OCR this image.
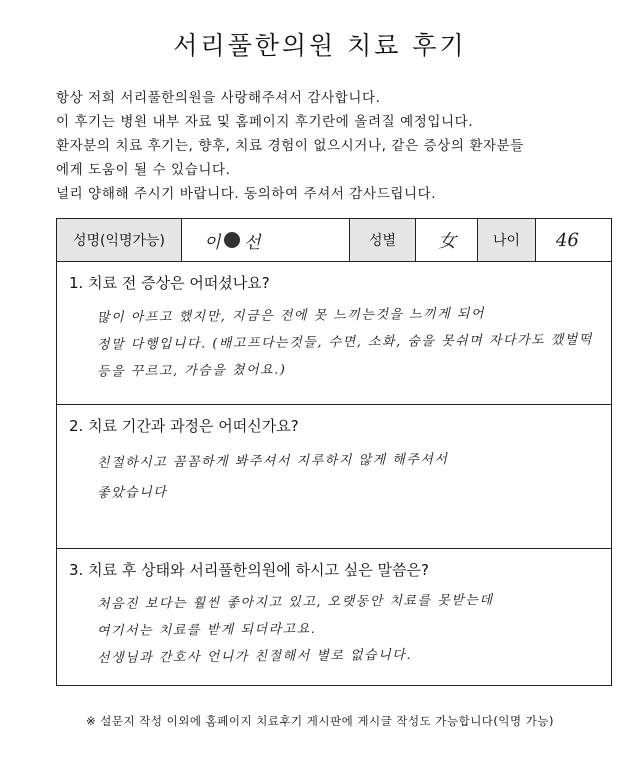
서리풀한의원 치료 후기
항상 저희 서리풀한의원을 사랑해주셔서 감사합니다.
이 후기는 병원 내부 자료 및 홈페이지 후기란에 올려질 예정입니다.
환자분의 치료 후기는, 향후, 치료 경험이 없으시거나, 같은 증상의 환자분들
에게 도움이 될 수 있습니다.
널리 양해해 주시기 바랍니다. 동의하여 주셔서 감사드립니다.
성명(익명가능)	이 선	성별	女	나이	46
1. 치료 전 증상은 어떠셨나요?
많이 아프고 했지만, 지금은 전에 못 느끼는것을 느끼게 되어
정말 다행입니다. (배고프다는것들, 수면, 소화, 숨을 못쉬며 자다가도 깼벌떡
등을 꾸르고, 가슴을 쳤어요.)
2. 치료 기간과 과정은 어떠신가요?
친절하시고 꼼꼼하게 봐주셔서 지루하지 않게 해주셔서
좋았습니다
3. 치료 후 상태와 서리풀한의원에 하시고 싶은 말씀은?
처음진 보다는 훨씬 좋아지고 있고, 오랫동안 치료를 못받는데
여기서는 치료를 받게 되더라고요.
선생님과 간호사 언니가 친절해서 별로 없습니다.
※ 설문지 작성 이외에 홈페이지 치료후기 게시판에 게시글 작성도 가능합니다(익명 가능)
